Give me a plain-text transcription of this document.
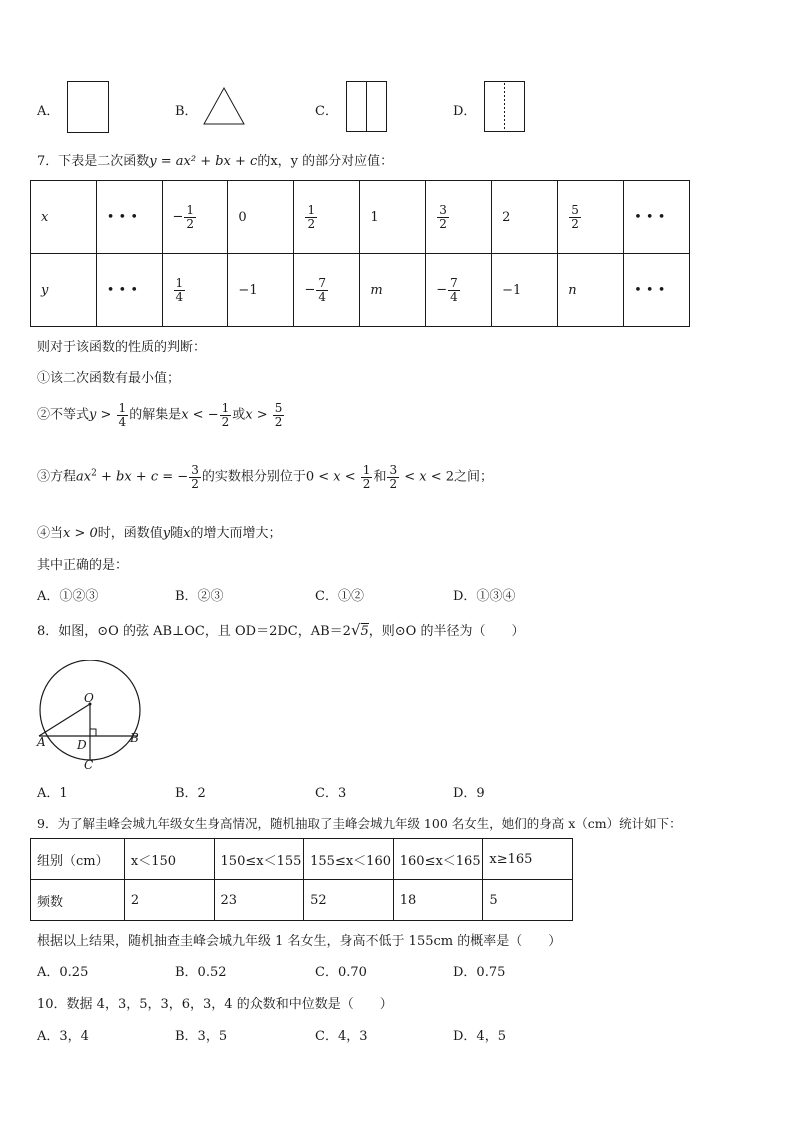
A．	B．	C．	D．
7．下表是二次函数y = ax² + bx + c的x，y 的部分对应值：
x	• • •	− $\frac{1}{2}$	0	$\frac{1}{2}$	1	$\frac{3}{2}$	2	$\frac{5}{2}$	• • •
y	• • •	$\frac{1}{4}$	−1	− $\frac{7}{4}$	m	− $\frac{7}{4}$	−1	n	• • •
则对于该函数的性质的判断：
①该二次函数有最小值；
②不等式$y > \frac{1}{4}$ 的解集是x < − $\frac{1}{2}$ 或$x > \frac{5}{2}$
③方程$ax^2$ + bx + c = − $\frac{3}{2}$ 的实数根分别位于$0 < x < \frac{1}{2}$ 和 $\frac{3}{2} < x < 2$之间；
④当x > 0时，函数值y随x的增大而增大；
其中正确的是：
A．①②③	B．②③	C．①②	D．①③④
8．如图，⊙O 的弦 AB⊥OC，且 OD＝2DC，AB＝2√5，则⊙O 的半径为（　　）
O
A	B
D
C
A．1	B．2	C．3	D．9
9．为了解圭峰会城九年级女生身高情况，随机抽取了圭峰会城九年级 100 名女生，她们的身高 x（cm）统计如下：
组别（cm）	x＜150	150≤x＜155	155≤x＜160	160≤x＜165	x≥165
频数	2	23	52	18	5
根据以上结果，随机抽查圭峰会城九年级 1 名女生，身高不低于 155cm 的概率是（　　）
A．0.25	B．0.52	C．0.70	D．0.75
10．数据 4，3，5，3，6，3，4 的众数和中位数是（　　）
A．3，4	B．3，5	C．4，3	D．4，5
